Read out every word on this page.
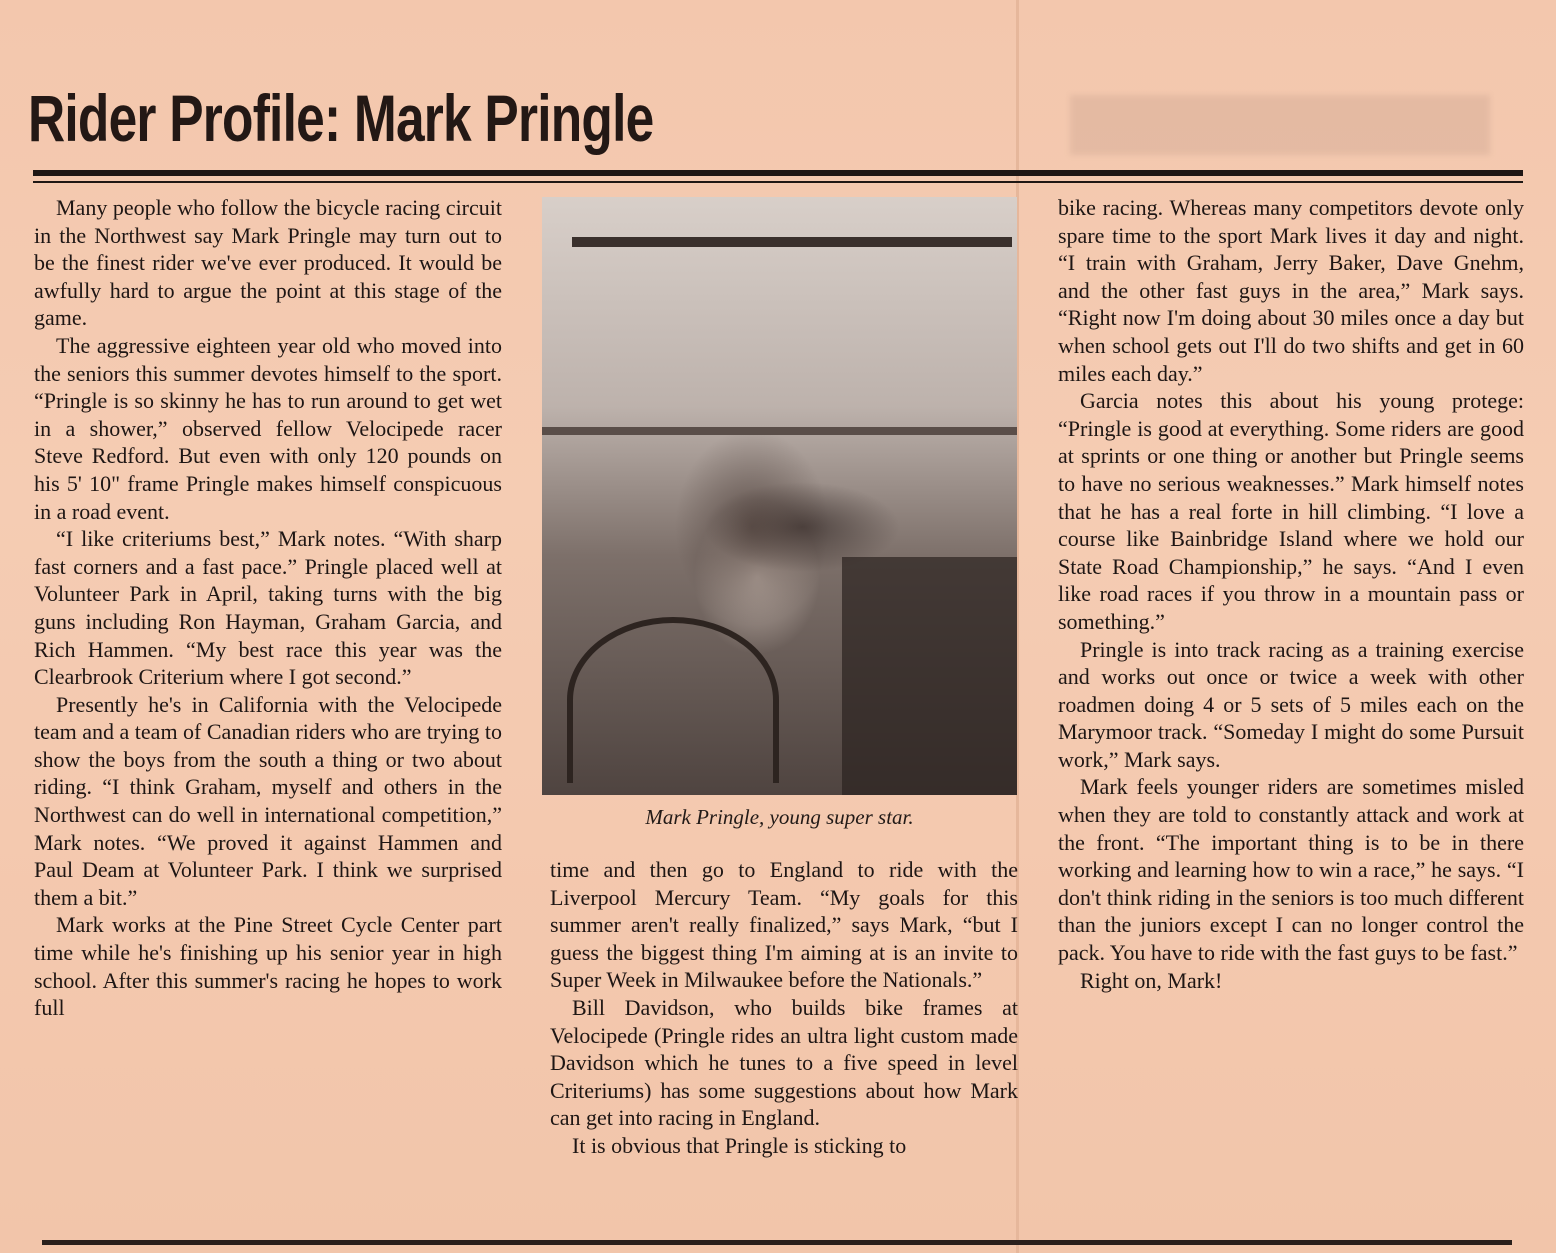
Rider Profile: Mark Pringle

Many people who follow the bicycle racing circuit in the Northwest say Mark Pringle may turn out to be the finest rider we've ever produced. It would be awfully hard to argue the point at this stage of the game.

The aggressive eighteen year old who moved into the seniors this summer devotes himself to the sport. “Pringle is so skinny he has to run around to get wet in a shower,” observed fellow Velocipede racer Steve Redford. But even with only 120 pounds on his 5' 10" frame Pringle makes himself conspicuous in a road event.

“I like criteriums best,” Mark notes. “With sharp fast corners and a fast pace.” Pringle placed well at Volunteer Park in April, taking turns with the big guns including Ron Hayman, Graham Garcia, and Rich Hammen. “My best race this year was the Clearbrook Criterium where I got second.”

Presently he's in California with the Velocipede team and a team of Canadian riders who are trying to show the boys from the south a thing or two about riding. “I think Graham, myself and others in the Northwest can do well in international competition,” Mark notes. “We proved it against Hammen and Paul Deam at Volunteer Park. I think we surprised them a bit.”

Mark works at the Pine Street Cycle Center part time while he's finishing up his senior year in high school. After this summer's racing he hopes to work full

Mark Pringle, young super star.

time and then go to England to ride with the Liverpool Mercury Team. “My goals for this summer aren't really finalized,” says Mark, “but I guess the biggest thing I'm aiming at is an invite to Super Week in Milwaukee before the Nationals.”

Bill Davidson, who builds bike frames at Velocipede (Pringle rides an ultra light custom made Davidson which he tunes to a five speed in level Criteriums) has some suggestions about how Mark can get into racing in England.

It is obvious that Pringle is sticking to

bike racing. Whereas many competitors devote only spare time to the sport Mark lives it day and night. “I train with Graham, Jerry Baker, Dave Gnehm, and the other fast guys in the area,” Mark says. “Right now I'm doing about 30 miles once a day but when school gets out I'll do two shifts and get in 60 miles each day.”

Garcia notes this about his young protege: “Pringle is good at everything. Some riders are good at sprints or one thing or another but Pringle seems to have no serious weaknesses.” Mark himself notes that he has a real forte in hill climbing. “I love a course like Bainbridge Island where we hold our State Road Championship,” he says. “And I even like road races if you throw in a mountain pass or something.”

Pringle is into track racing as a training exercise and works out once or twice a week with other roadmen doing 4 or 5 sets of 5 miles each on the Marymoor track. “Someday I might do some Pursuit work,” Mark says.

Mark feels younger riders are sometimes misled when they are told to constantly attack and work at the front. “The important thing is to be in there working and learning how to win a race,” he says. “I don't think riding in the seniors is too much different than the juniors except I can no longer control the pack. You have to ride with the fast guys to be fast.”

Right on, Mark!
